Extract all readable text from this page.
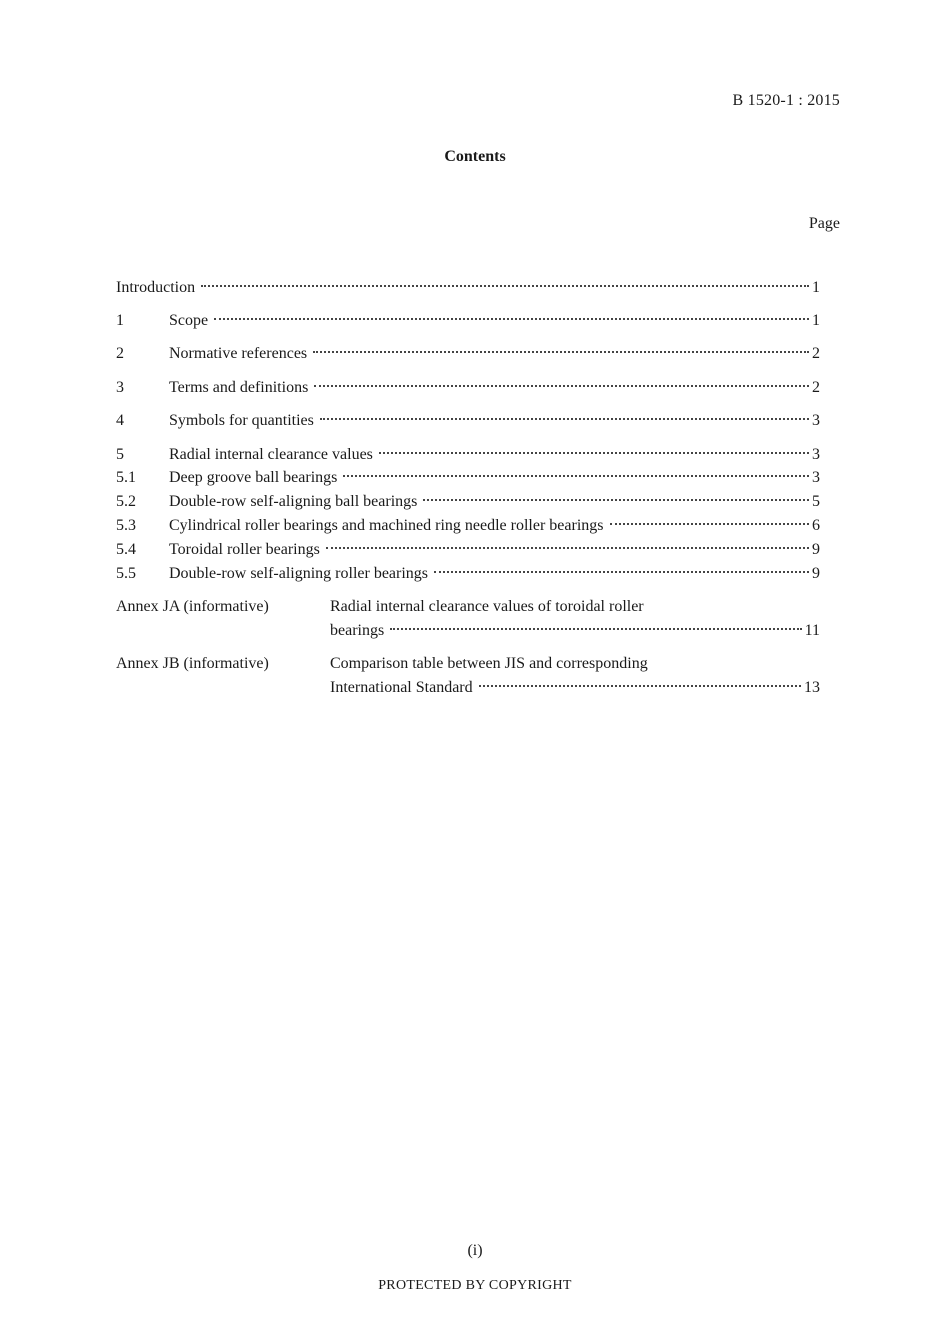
B 1520-1 : 2015
Contents
Page
Introduction	1
1	Scope	1
2	Normative references	2
3	Terms and definitions	2
4	Symbols for quantities	3
5	Radial internal clearance values	3
5.1	Deep groove ball bearings	3
5.2	Double-row self-aligning ball bearings	5
5.3	Cylindrical roller bearings and machined ring needle roller bearings	6
5.4	Toroidal roller bearings	9
5.5	Double-row self-aligning roller bearings	9
Annex JA (informative)	Radial internal clearance values of toroidal roller
bearings	11
Annex JB (informative)	Comparison table between JIS and corresponding
International Standard	13
(i)
PROTECTED BY COPYRIGHT
